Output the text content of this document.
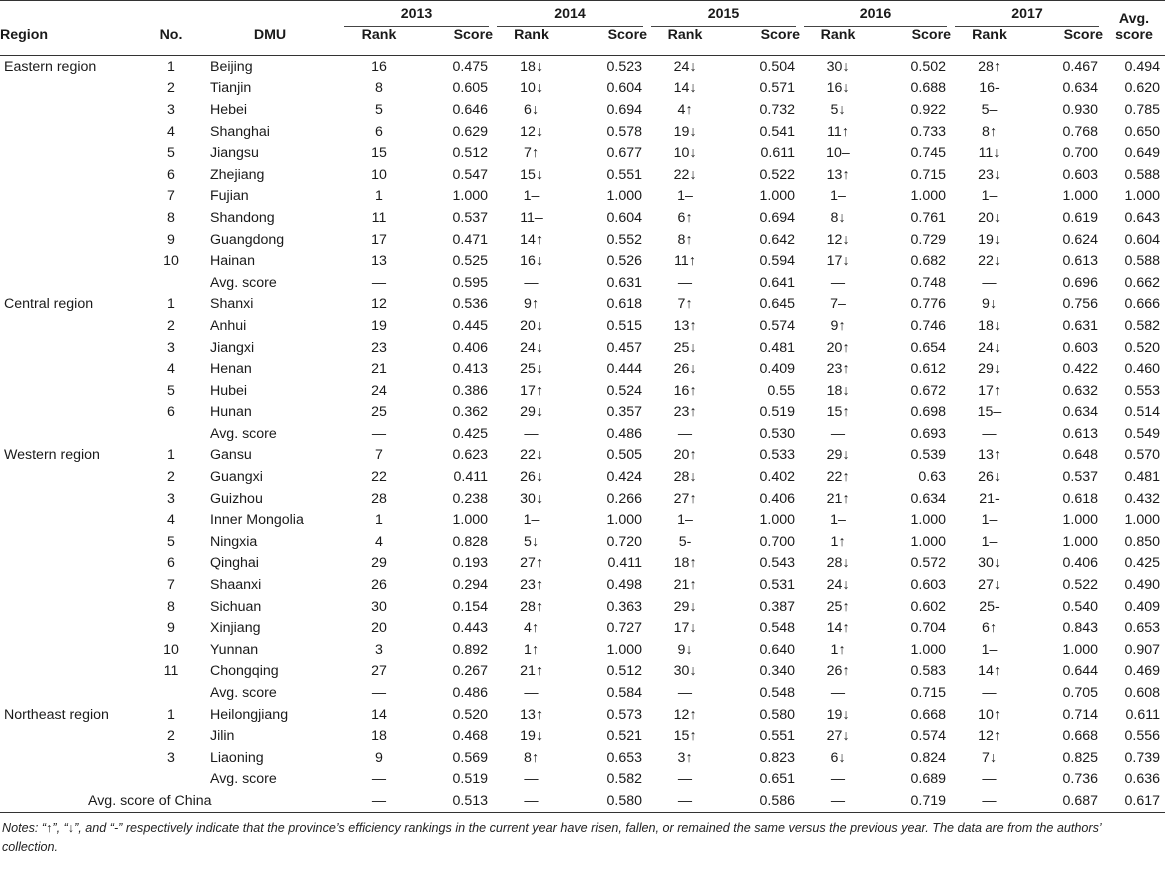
			2013		2014		2015		2016		2017		Avg.
Region	No.	DMU	Rank	Score	Rank	Score	Rank	Score	Rank	Score	Rank	Score	score
Eastern region	1	Beijing	16	0.475	18↓	0.523	24↓	0.504	30↓	0.502	28↑	0.467	0.494
	2	Tianjin	8	0.605	10↓	0.604	14↓	0.571	16↓	0.688	16-	0.634	0.620
	3	Hebei	5	0.646	6↓	0.694	4↑	0.732	5↓	0.922	5–	0.930	0.785
	4	Shanghai	6	0.629	12↓	0.578	19↓	0.541	11↑	0.733	8↑	0.768	0.650
	5	Jiangsu	15	0.512	7↑	0.677	10↓	0.611	10–	0.745	11↓	0.700	0.649
	6	Zhejiang	10	0.547	15↓	0.551	22↓	0.522	13↑	0.715	23↓	0.603	0.588
	7	Fujian	1	1.000	1–	1.000	1–	1.000	1–	1.000	1–	1.000	1.000
	8	Shandong	11	0.537	11–	0.604	6↑	0.694	8↓	0.761	20↓	0.619	0.643
	9	Guangdong	17	0.471	14↑	0.552	8↑	0.642	12↓	0.729	19↓	0.624	0.604
	10	Hainan	13	0.525	16↓	0.526	11↑	0.594	17↓	0.682	22↓	0.613	0.588
		Avg. score	—	0.595	—	0.631	—	0.641	—	0.748	—	0.696	0.662
Central region	1	Shanxi	12	0.536	9↑	0.618	7↑	0.645	7–	0.776	9↓	0.756	0.666
	2	Anhui	19	0.445	20↓	0.515	13↑	0.574	9↑	0.746	18↓	0.631	0.582
	3	Jiangxi	23	0.406	24↓	0.457	25↓	0.481	20↑	0.654	24↓	0.603	0.520
	4	Henan	21	0.413	25↓	0.444	26↓	0.409	23↑	0.612	29↓	0.422	0.460
	5	Hubei	24	0.386	17↑	0.524	16↑	0.55	18↓	0.672	17↑	0.632	0.553
	6	Hunan	25	0.362	29↓	0.357	23↑	0.519	15↑	0.698	15–	0.634	0.514
		Avg. score	—	0.425	—	0.486	—	0.530	—	0.693	—	0.613	0.549
Western region	1	Gansu	7	0.623	22↓	0.505	20↑	0.533	29↓	0.539	13↑	0.648	0.570
	2	Guangxi	22	0.411	26↓	0.424	28↓	0.402	22↑	0.63	26↓	0.537	0.481
	3	Guizhou	28	0.238	30↓	0.266	27↑	0.406	21↑	0.634	21-	0.618	0.432
	4	Inner Mongolia	1	1.000	1–	1.000	1–	1.000	1–	1.000	1–	1.000	1.000
	5	Ningxia	4	0.828	5↓	0.720	5-	0.700	1↑	1.000	1–	1.000	0.850
	6	Qinghai	29	0.193	27↑	0.411	18↑	0.543	28↓	0.572	30↓	0.406	0.425
	7	Shaanxi	26	0.294	23↑	0.498	21↑	0.531	24↓	0.603	27↓	0.522	0.490
	8	Sichuan	30	0.154	28↑	0.363	29↓	0.387	25↑	0.602	25-	0.540	0.409
	9	Xinjiang	20	0.443	4↑	0.727	17↓	0.548	14↑	0.704	6↑	0.843	0.653
	10	Yunnan	3	0.892	1↑	1.000	9↓	0.640	1↑	1.000	1–	1.000	0.907
	11	Chongqing	27	0.267	21↑	0.512	30↓	0.340	26↑	0.583	14↑	0.644	0.469
		Avg. score	—	0.486	—	0.584	—	0.548	—	0.715	—	0.705	0.608
Northeast region	1	Heilongjiang	14	0.520	13↑	0.573	12↑	0.580	19↓	0.668	10↑	0.714	0.611
	2	Jilin	18	0.468	19↓	0.521	15↑	0.551	27↓	0.574	12↑	0.668	0.556
	3	Liaoning	9	0.569	8↑	0.653	3↑	0.823	6↓	0.824	7↓	0.825	0.739
		Avg. score	—	0.519	—	0.582	—	0.651	—	0.689	—	0.736	0.636
Avg. score of China			—	0.513	—	0.580	—	0.586	—	0.719	—	0.687	0.617
Notes: “↑”, “↓”, and “-” respectively indicate that the province’s efficiency rankings in the current year have risen, fallen, or remained the same versus the previous year. The data are from the authors’ collection.
